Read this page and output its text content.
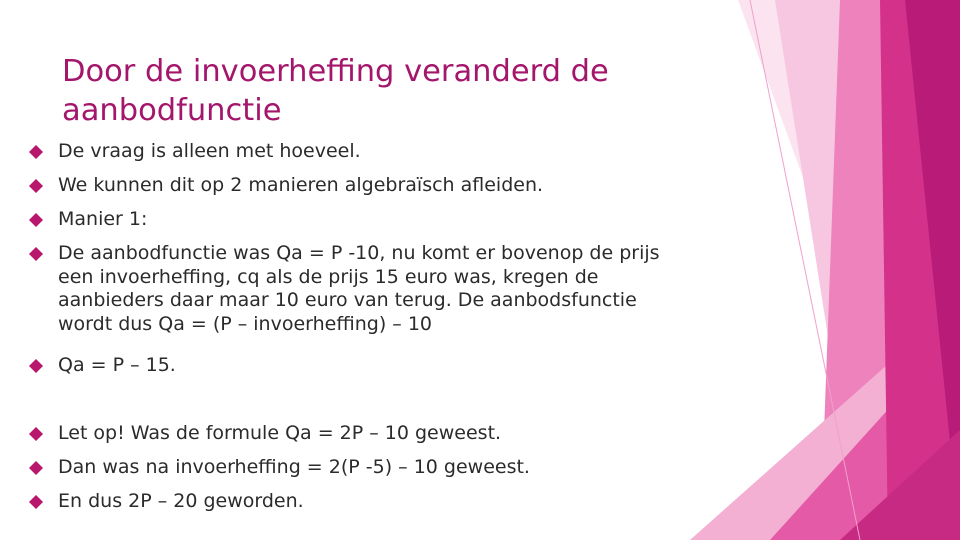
Door de invoerheffing veranderd de aanbodfunctie
De vraag is alleen met hoeveel.
We kunnen dit op 2 manieren algebraïsch afleiden.
Manier 1:
De aanbodfunctie was Qa = P -10, nu komt er bovenop de prijs
een invoerheffing, cq als de prijs 15 euro was, kregen de
aanbieders daar maar 10 euro van terug. De aanbodsfunctie
wordt dus Qa = (P – invoerheffing) – 10
Qa = P – 15.
Let op! Was de formule Qa = 2P – 10 geweest.
Dan was na invoerheffing = 2(P -5) – 10 geweest.
En dus 2P – 20 geworden.
